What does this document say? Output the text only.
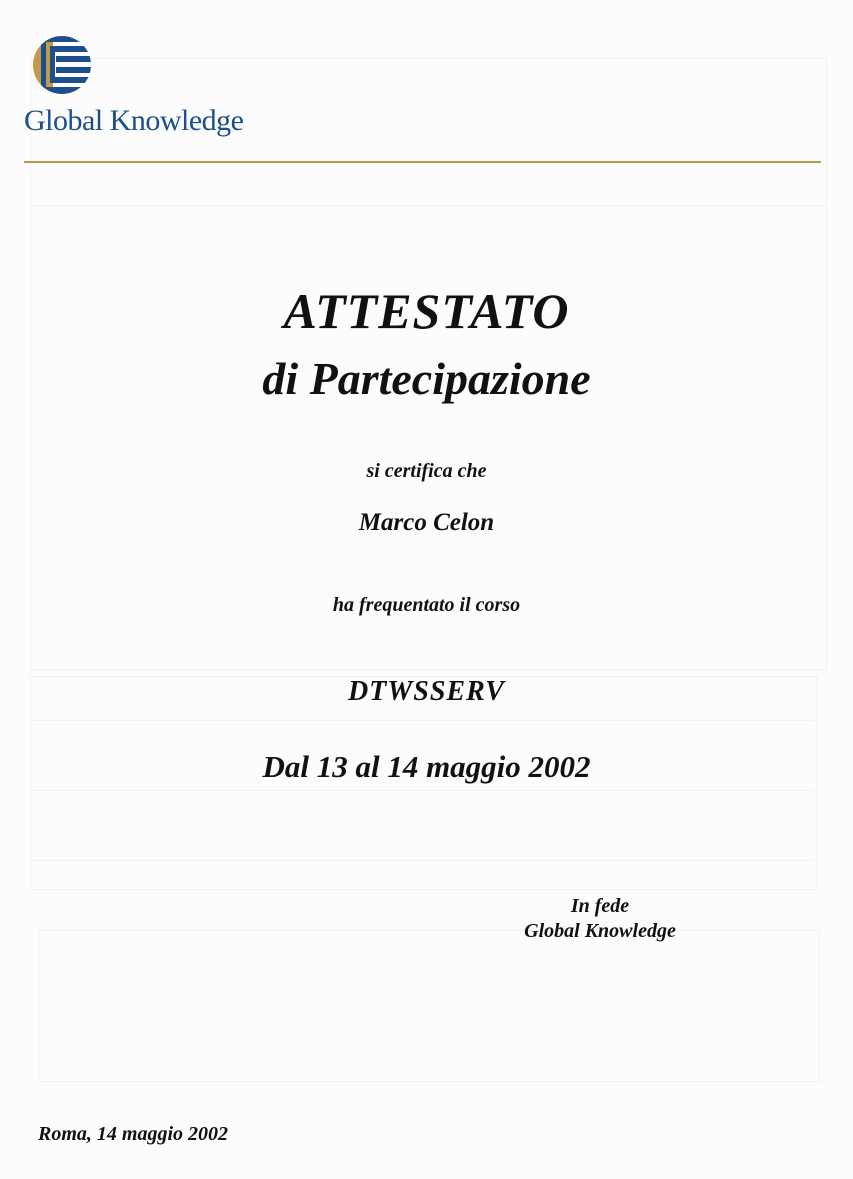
Global Knowledge
ATTESTATO
di Partecipazione
si certifica che
Marco Celon
ha frequentato il corso
DTWSSERV
Dal 13 al 14 maggio 2002
In fede
Global Knowledge
Roma, 14 maggio 2002
